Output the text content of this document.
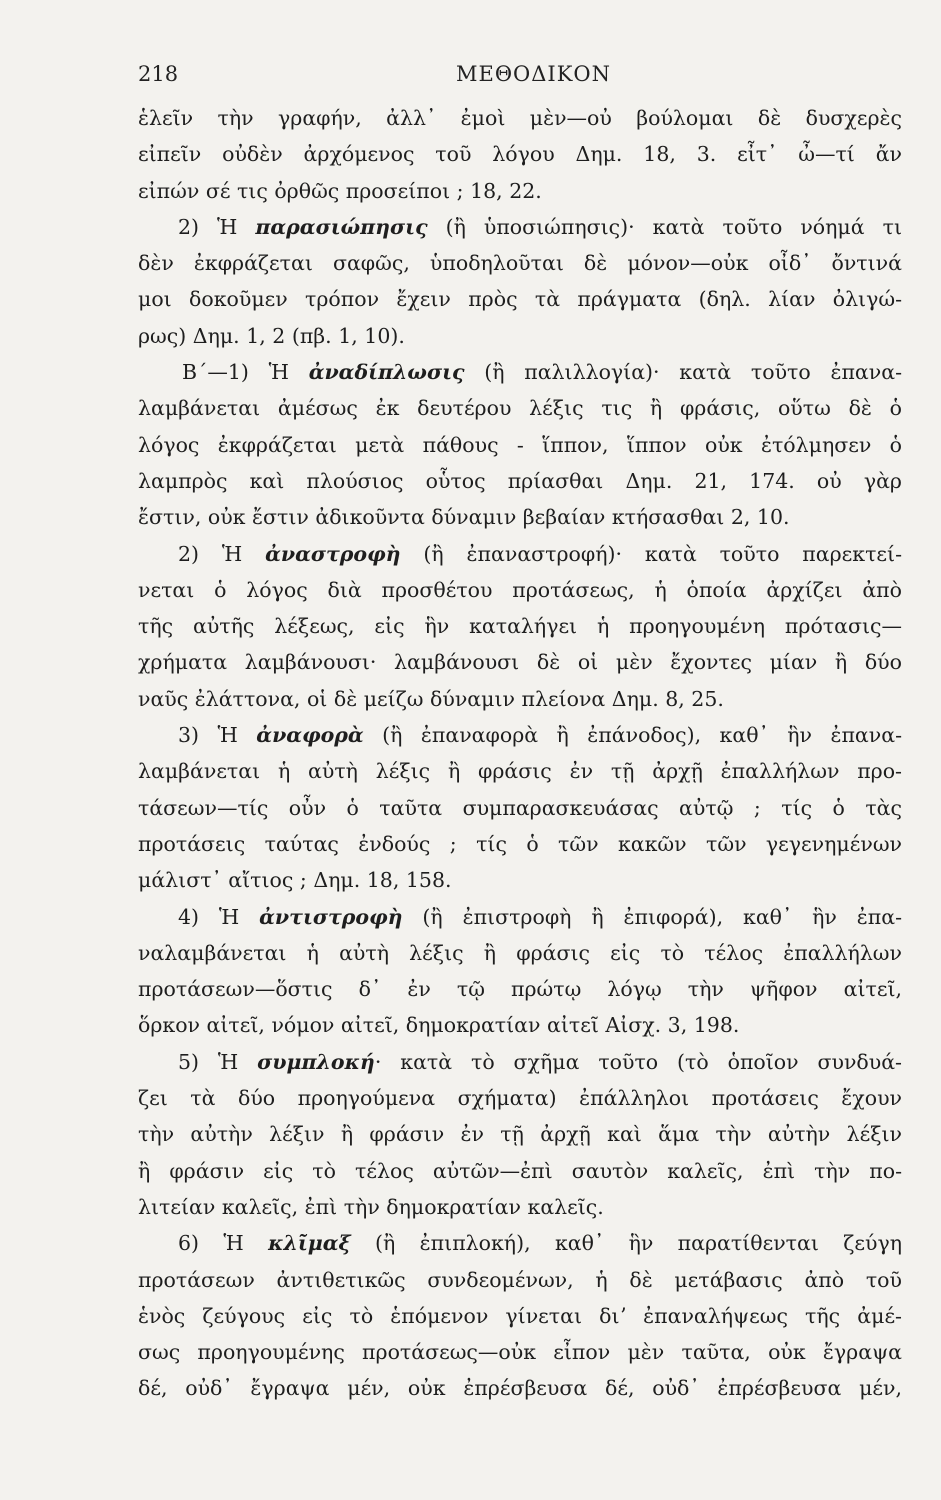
218	ΜΕΘΟΔΙΚΟΝ
ἑλεῖν τὴν γραφήν, ἀλλ᾽ ἐμοὶ μὲν—οὐ βούλομαι δὲ δυσχερὲς
εἰπεῖν οὐδὲν ἀρχόμενος τοῦ λόγου Δημ. 18, 3. εἶτ᾽ ὦ—τί ἄν
εἰπών σέ τις ὀρθῶς προσείποι ; 18, 22.
2) Ἡ παρασιώπησις (ἢ ὑποσιώπησις)· κατὰ τοῦτο νόημά τι
δὲν ἐκφράζεται σαφῶς, ὑποδηλοῦται δὲ μόνον—οὐκ οἶδ᾽ ὄντινά
μοι δοκοῦμεν τρόπον ἔχειν πρὸς τὰ πράγματα (δηλ. λίαν ὀλιγώ-
ρως) Δημ. 1, 2 (πβ. 1, 10).
Β΄—1) Ἡ ἀναδίπλωσις (ἢ παλιλλογία)· κατὰ τοῦτο ἐπανα-
λαμβάνεται ἀμέσως ἐκ δευτέρου λέξις τις ἢ φράσις, οὕτω δὲ ὁ
λόγος ἐκφράζεται μετὰ πάθους - ἵππον, ἵππον οὐκ ἐτόλμησεν ὁ
λαμπρὸς καὶ πλούσιος οὗτος πρίασθαι Δημ. 21, 174. οὐ γὰρ
ἔστιν, οὐκ ἔστιν ἀδικοῦντα δύναμιν βεβαίαν κτήσασθαι 2, 10.
2) Ἡ ἀναστροφὴ (ἢ ἐπαναστροφή)· κατὰ τοῦτο παρεκτεί-
νεται ὁ λόγος διὰ προσθέτου προτάσεως, ἡ ὁποία ἀρχίζει ἀπὸ
τῆς αὐτῆς λέξεως, εἰς ἣν καταλήγει ἡ προηγουμένη πρότασις—
χρήματα λαμβάνουσι· λαμβάνουσι δὲ οἱ μὲν ἔχοντες μίαν ἢ δύο
ναῦς ἐλάττονα, οἱ δὲ μείζω δύναμιν πλείονα Δημ. 8, 25.
3) Ἡ ἀναφορὰ (ἢ ἐπαναφορὰ ἢ ἐπάνοδος), καθ᾽ ἣν ἐπανα-
λαμβάνεται ἡ αὐτὴ λέξις ἢ φράσις ἐν τῇ ἀρχῇ ἐπαλλήλων προ-
τάσεων—τίς οὖν ὁ ταῦτα συμπαρασκευάσας αὐτῷ ; τίς ὁ τὰς
προτάσεις ταύτας ἐνδούς ; τίς ὁ τῶν κακῶν τῶν γεγενημένων
μάλιστ᾽ αἴτιος ; Δημ. 18, 158.
4) Ἡ ἀντιστροφὴ (ἢ ἐπιστροφὴ ἢ ἐπιφορά), καθ᾽ ἣν ἐπα-
ναλαμβάνεται ἡ αὐτὴ λέξις ἢ φράσις εἰς τὸ τέλος ἐπαλλήλων
προτάσεων—ὅστις δ᾽ ἐν τῷ πρώτῳ λόγῳ τὴν ψῆφον αἰτεῖ,
ὅρκον αἰτεῖ, νόμον αἰτεῖ, δημοκρατίαν αἰτεῖ Αἰσχ. 3, 198.
5) Ἡ συμπλοκή· κατὰ τὸ σχῆμα τοῦτο (τὸ ὁποῖον συνδυά-
ζει τὰ δύο προηγούμενα σχήματα) ἐπάλληλοι προτάσεις ἔχουν
τὴν αὐτὴν λέξιν ἢ φράσιν ἐν τῇ ἀρχῇ καὶ ἅμα τὴν αὐτὴν λέξιν
ἢ φράσιν εἰς τὸ τέλος αὐτῶν—ἐπὶ σαυτὸν καλεῖς, ἐπὶ τὴν πο-
λιτείαν καλεῖς, ἐπὶ τὴν δημοκρατίαν καλεῖς.
6) Ἡ κλῖμαξ (ἢ ἐπιπλοκή), καθ᾽ ἣν παρατίθενται ζεύγη
προτάσεων ἀντιθετικῶς συνδεομένων, ἡ δὲ μετάβασις ἀπὸ τοῦ
ἑνὸς ζεύγους εἰς τὸ ἑπόμενον γίνεται διʼ ἐπαναλήψεως τῆς ἀμέ-
σως προηγουμένης προτάσεως—οὐκ εἶπον μὲν ταῦτα, οὐκ ἔγραψα
δέ, οὐδ᾽ ἔγραψα μέν, οὐκ ἐπρέσβευσα δέ, οὐδ᾽ ἐπρέσβευσα μέν,
